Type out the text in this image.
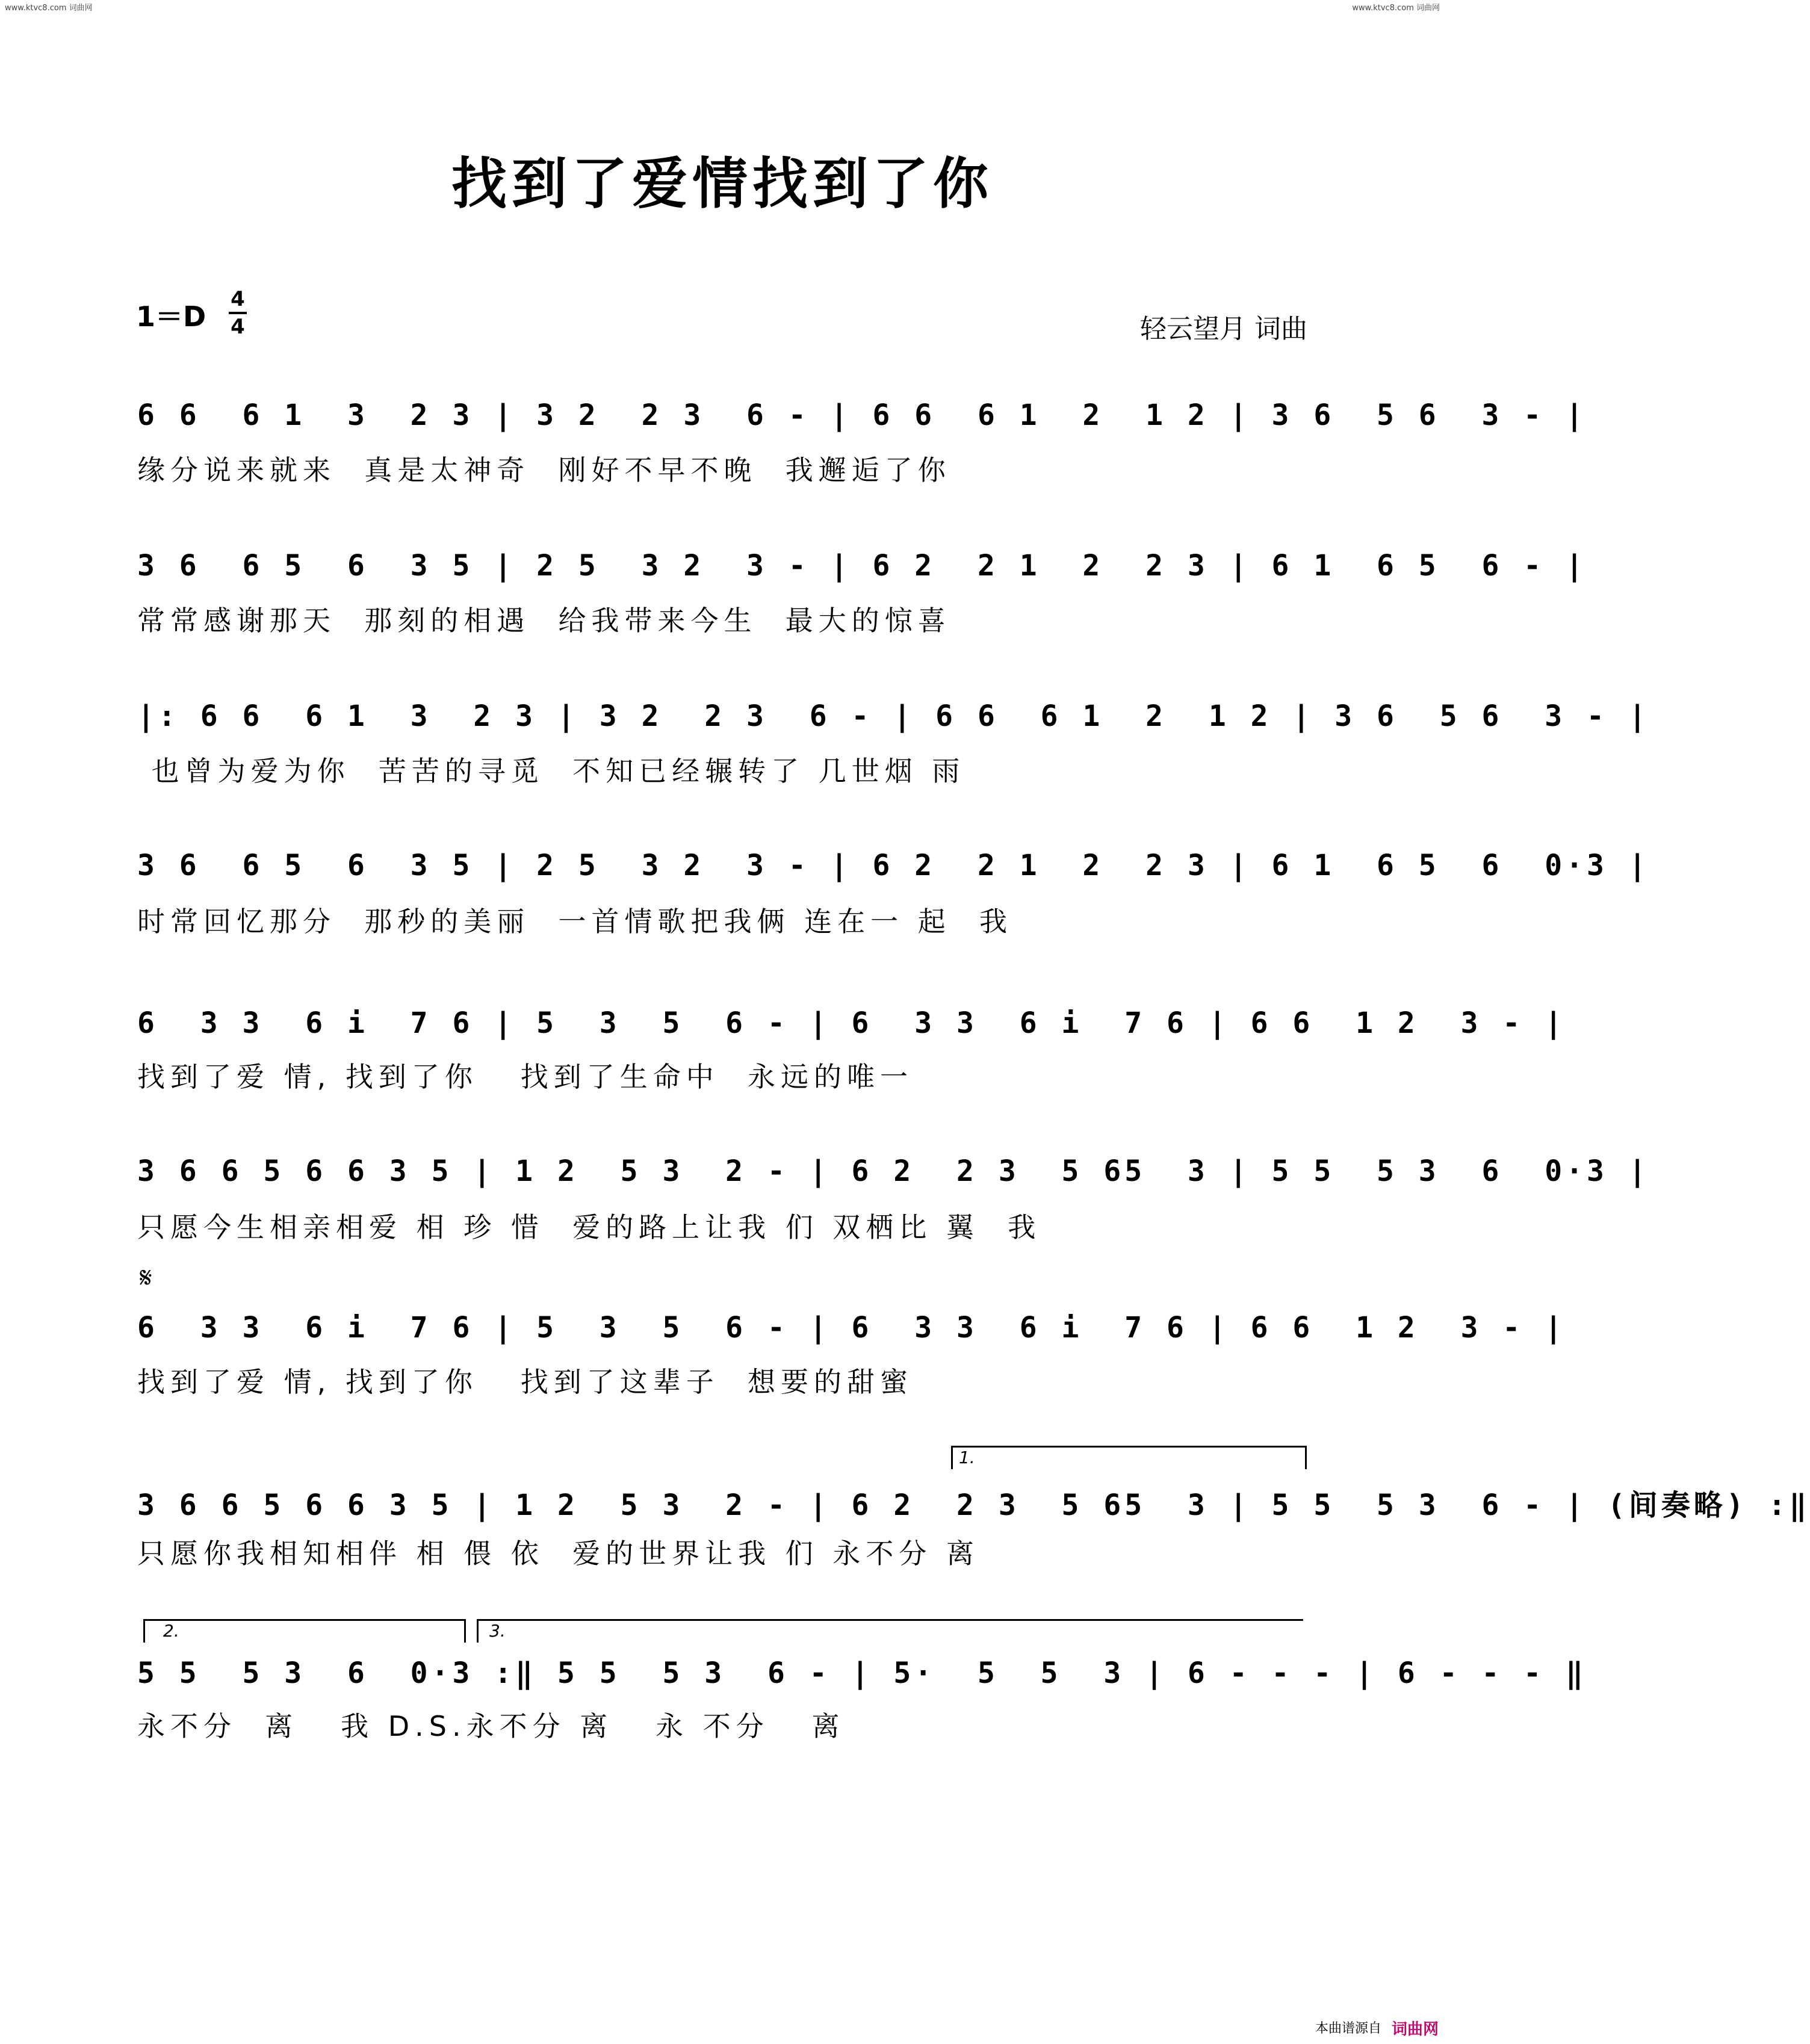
www.ktvc8.com 词曲网	www.ktvc8.com 词曲网
找到了爱情找到了你
1＝D
4
4	轻云望月 词曲
6 6  6 1  3  2 3 | 3 2  2 3  6 - | 6 6  6 1  2  1 2 | 3 6  5 6  3 - |
缘分说来就来  真是太神奇  刚好不早不晚  我邂逅了你
3 6  6 5  6  3 5 | 2 5  3 2  3 - | 6 2  2 1  2  2 3 | 6 1  6 5  6 - |
常常感谢那天  那刻的相遇  给我带来今生  最大的惊喜
|: 6 6  6 1  3  2 3 | 3 2  2 3  6 - | 6 6  6 1  2  1 2 | 3 6  5 6  3 - |
也曾为爱为你  苦苦的寻觅  不知已经辗转了 几世烟 雨
3 6  6 5  6  3 5 | 2 5  3 2  3 - | 6 2  2 1  2  2 3 | 6 1  6 5  6  0·3 |
时常回忆那分  那秒的美丽  一首情歌把我俩 连在一 起  我
6  3 3  6 i  7 6 | 5  3  5  6 - | 6  3 3  6 i  7 6 | 6 6  1 2  3 - |
找到了爱 情, 找到了你   找到了生命中  永远的唯一
3 6 6 5 6 6 3 5 | 1 2  5 3  2 - | 6 2  2 3  5 65  3 | 5 5  5 3  6  0·3 |
只愿今生相亲相爱 相 珍 惜  爱的路上让我 们 双栖比 翼  我
𝄋
6  3 3  6 i  7 6 | 5  3  5  6 - | 6  3 3  6 i  7 6 | 6 6  1 2  3 - |
找到了爱 情, 找到了你   找到了这辈子  想要的甜蜜
1.
3 6 6 5 6 6 3 5 | 1 2  5 3  2 - | 6 2  2 3  5 65  3 | 5 5  5 3  6 - | (间奏略) :‖
只愿你我相知相伴 相 偎 依  爱的世界让我 们 永不分 离
2.	3.
5 5  5 3  6  0·3 :‖ 5 5  5 3  6 - | 5·  5  5  3 | 6 - - - | 6 - - - ‖
永不分  离   我 D.S.永不分 离   永 不分   离
本曲谱源自 词曲网
